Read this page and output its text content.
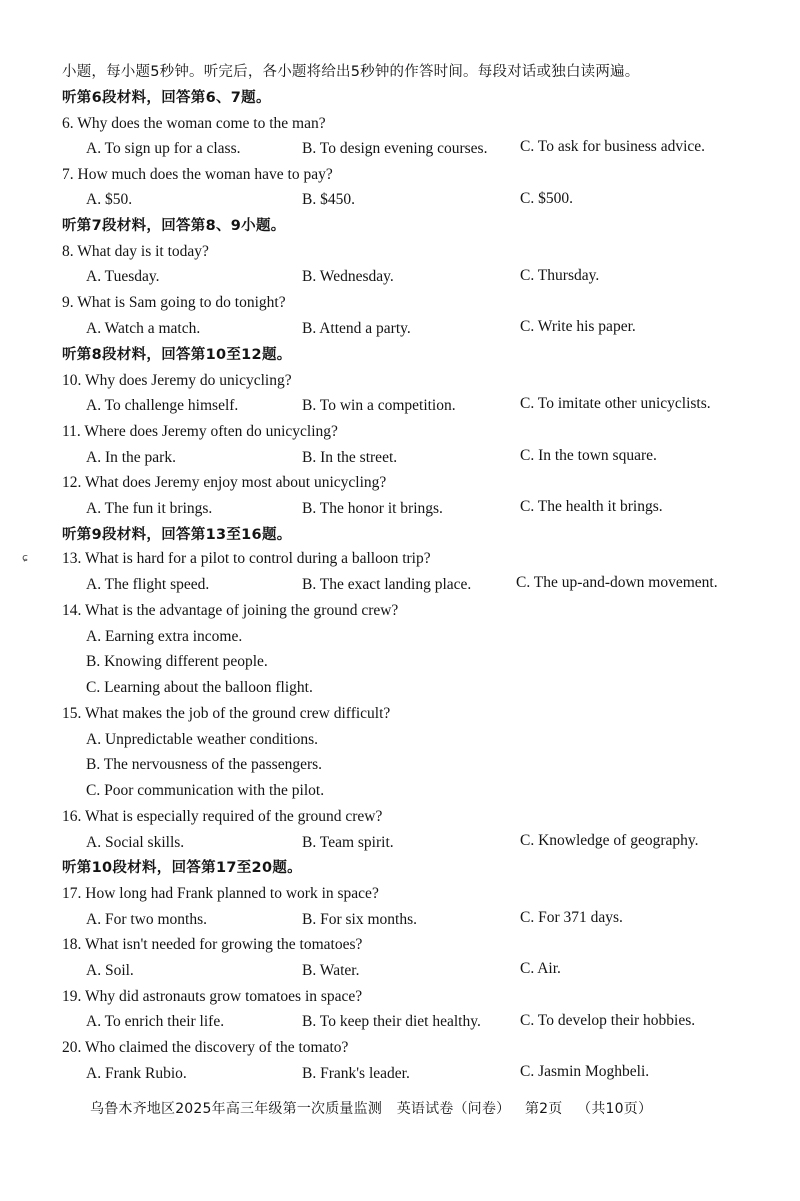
小题，每小题5秒钟。听完后，各小题将给出5秒钟的作答时间。每段对话或独白读两遍。
听第6段材料，回答第6、7题。
6. Why does the woman come to the man?
A. To sign up for a class.	B. To design evening courses. C. To ask for business advice.
7. How much does the woman have to pay?
A. $50.	B. $450.	C. $500.
听第7段材料，回答第8、9小题。
8. What day is it today?
A. Tuesday.	B. Wednesday.	C. Thursday.
9. What is Sam going to do tonight?
A. Watch a match.	B. Attend a party.	C. Write his paper.
听第8段材料，回答第10至12题。
10. Why does Jeremy do unicycling?
A. To challenge himself.	B. To win a competition.	C. To imitate other unicyclists.
11. Where does Jeremy often do unicycling?
A. In the park.	B. In the street.	C. In the town square.
12. What does Jeremy enjoy most about unicycling?
A. The fun it brings.	B. The honor it brings.	C. The health it brings.
听第9段材料，回答第13至16题。
ɕ 13. What is hard for a pilot to control during a balloon trip?
A. The flight speed.	B. The exact landing place.	C. The up-and-down movement.
14. What is the advantage of joining the ground crew?
A. Earning extra income.
B. Knowing different people.
C. Learning about the balloon flight.
15. What makes the job of the ground crew difficult?
A. Unpredictable weather conditions.
B. The nervousness of the passengers.
C. Poor communication with the pilot.
16. What is especially required of the ground crew?
A. Social skills.	B. Team spirit.	C. Knowledge of geography.
听第10段材料，回答第17至20题。
17. How long had Frank planned to work in space?
A. For two months.	B. For six months.	C. For 371 days.
18. What isn't needed for growing the tomatoes?
A. Soil.	B. Water.	C. Air.
19. Why did astronauts grow tomatoes in space?
A. To enrich their life.	B. To keep their diet healthy.	C. To develop their hobbies.
20. Who claimed the discovery of the tomato?
A. Frank Rubio.	B. Frank's leader.	C. Jasmin Moghbeli.
乌鲁木齐地区2025年高三年级第一次质量监测 英语试卷（问卷） 第2页 （共10页）
